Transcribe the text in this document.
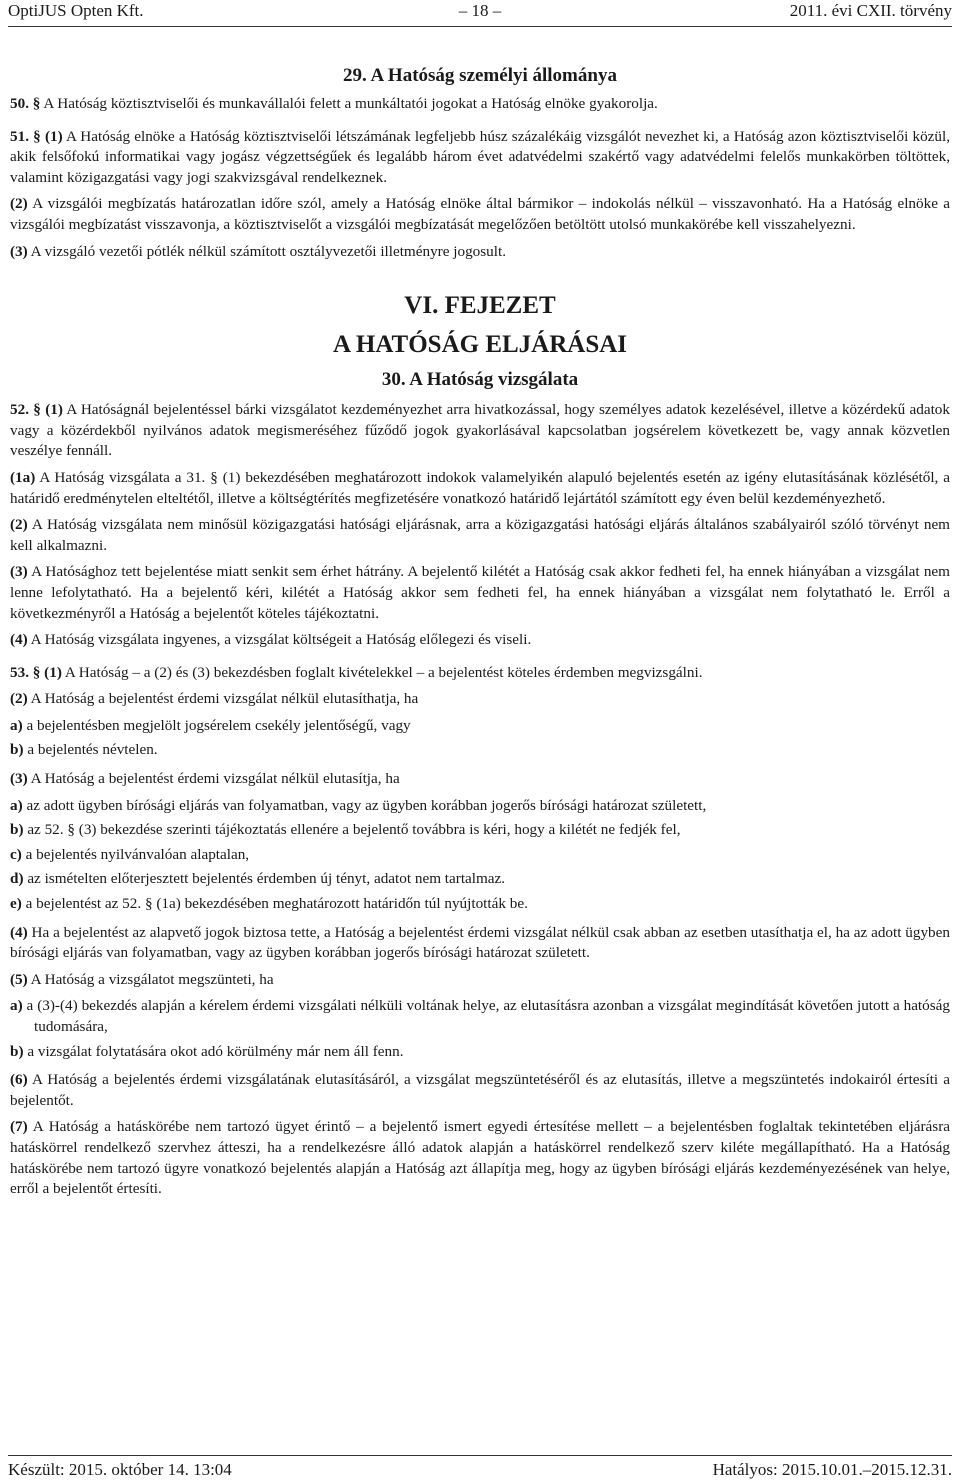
OptiJUS Opten Kft.	– 18 –	2011. évi CXII. törvény
29. A Hatóság személyi állománya

50. § A Hatóság köztisztviselői és munkavállalói felett a munkáltatói jogokat a Hatóság elnöke gyakorolja.

51. § (1) A Hatóság elnöke a Hatóság köztisztviselői létszámának legfeljebb húsz százalékáig vizsgálót nevezhet ki, a Hatóság azon köztisztviselői közül, akik felsőfokú informatikai vagy jogász végzettségűek és legalább három évet adatvédelmi szakértő vagy adatvédelmi felelős munkakörben töltöttek, valamint közigazgatási vagy jogi szakvizsgával rendelkeznek.

(2) A vizsgálói megbízatás határozatlan időre szól, amely a Hatóság elnöke által bármikor – indokolás nélkül – visszavonható. Ha a Hatóság elnöke a vizsgálói megbízatást visszavonja, a köztisztviselőt a vizsgálói megbízatását megelőzően betöltött utolsó munkakörébe kell visszahelyezni.

(3) A vizsgáló vezetői pótlék nélkül számított osztályvezetői illetményre jogosult.

VI. FEJEZET
A HATÓSÁG ELJÁRÁSAI
30. A Hatóság vizsgálata

52. § (1) A Hatóságnál bejelentéssel bárki vizsgálatot kezdeményezhet arra hivatkozással, hogy személyes adatok kezelésével, illetve a közérdekű adatok vagy a közérdekből nyilvános adatok megismeréséhez fűződő jogok gyakorlásával kapcsolatban jogsérelem következett be, vagy annak közvetlen veszélye fennáll.

(1a) A Hatóság vizsgálata a 31. § (1) bekezdésében meghatározott indokok valamelyikén alapuló bejelentés esetén az igény elutasításának közlésétől, a határidő eredménytelen elteltétől, illetve a költségtérítés megfizetésére vonatkozó határidő lejártától számított egy éven belül kezdeményezhető.

(2) A Hatóság vizsgálata nem minősül közigazgatási hatósági eljárásnak, arra a közigazgatási hatósági eljárás általános szabályairól szóló törvényt nem kell alkalmazni.

(3) A Hatósághoz tett bejelentése miatt senkit sem érhet hátrány. A bejelentő kilétét a Hatóság csak akkor fedheti fel, ha ennek hiányában a vizsgálat nem lenne lefolytatható. Ha a bejelentő kéri, kilétét a Hatóság akkor sem fedheti fel, ha ennek hiányában a vizsgálat nem folytatható le. Erről a következményről a Hatóság a bejelentőt köteles tájékoztatni.

(4) A Hatóság vizsgálata ingyenes, a vizsgálat költségeit a Hatóság előlegezi és viseli.

53. § (1) A Hatóság – a (2) és (3) bekezdésben foglalt kivételekkel – a bejelentést köteles érdemben megvizsgálni.

(2) A Hatóság a bejelentést érdemi vizsgálat nélkül elutasíthatja, ha

a) a bejelentésben megjelölt jogsérelem csekély jelentőségű, vagy
b) a bejelentés névtelen.

(3) A Hatóság a bejelentést érdemi vizsgálat nélkül elutasítja, ha

a) az adott ügyben bírósági eljárás van folyamatban, vagy az ügyben korábban jogerős bírósági határozat született,
b) az 52. § (3) bekezdése szerinti tájékoztatás ellenére a bejelentő továbbra is kéri, hogy a kilétét ne fedjék fel,
c) a bejelentés nyilvánvalóan alaptalan,
d) az ismételten előterjesztett bejelentés érdemben új tényt, adatot nem tartalmaz.
e) a bejelentést az 52. § (1a) bekezdésében meghatározott határidőn túl nyújtották be.

(4) Ha a bejelentést az alapvető jogok biztosa tette, a Hatóság a bejelentést érdemi vizsgálat nélkül csak abban az esetben utasíthatja el, ha az adott ügyben bírósági eljárás van folyamatban, vagy az ügyben korábban jogerős bírósági határozat született.

(5) A Hatóság a vizsgálatot megszünteti, ha

a) a (3)-(4) bekezdés alapján a kérelem érdemi vizsgálati nélküli voltának helye, az elutasításra azonban a vizsgálat megindítását követően jutott a hatóság tudomására,
b) a vizsgálat folytatására okot adó körülmény már nem áll fenn.

(6) A Hatóság a bejelentés érdemi vizsgálatának elutasításáról, a vizsgálat megszüntetéséről és az elutasítás, illetve a megszüntetés indokairól értesíti a bejelentőt.

(7) A Hatóság a hatáskörébe nem tartozó ügyet érintő – a bejelentő ismert egyedi értesítése mellett – a bejelentésben foglaltak tekintetében eljárásra hatáskörrel rendelkező szervhez átteszi, ha a rendelkezésre álló adatok alapján a hatáskörrel rendelkező szerv kiléte megállapítható. Ha a Hatóság hatáskörébe nem tartozó ügyre vonatkozó bejelentés alapján a Hatóság azt állapítja meg, hogy az ügyben bírósági eljárás kezdeményezésének van helye, erről a bejelentőt értesíti.

Készült: 2015. október 14. 13:04	Hatályos: 2015.10.01.–2015.12.31.
